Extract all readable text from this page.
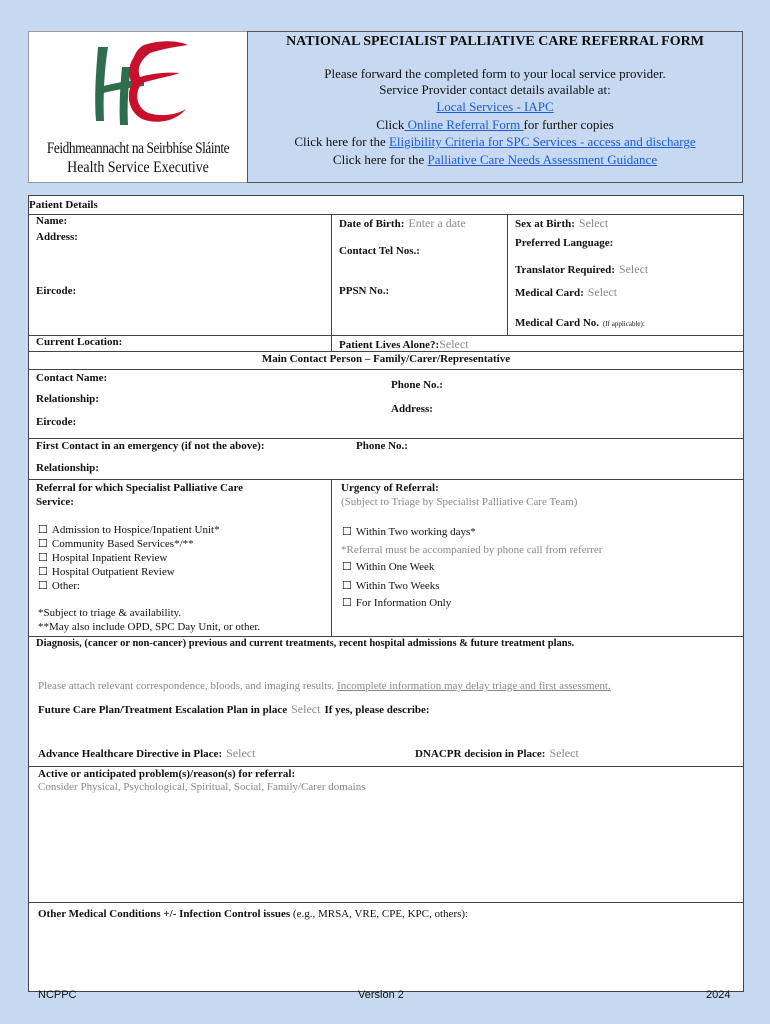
Feidhmeannacht na Seirbhíse Sláinte
Health Service Executive
NATIONAL SPECIALIST PALLIATIVE CARE REFERRAL FORM
Please forward the completed form to your local service provider.
Service Provider contact details available at:
Local Services - IAPC
Click Online Referral Form for further copies
Click here for the Eligibility Criteria for SPC Services - access and discharge
Click here for the Palliative Care Needs Assessment Guidance
Patient Details
Name:
Address:
Eircode:
Date of Birth: Enter a date
Contact Tel Nos.:
PPSN No.:
Sex at Birth: Select
Preferred Language:
Translator Required: Select
Medical Card: Select
Medical Card No. (If applicable):
Current Location:	Patient Lives Alone?:Select
Main Contact Person – Family/Carer/Representative
Contact Name:
Relationship:
Eircode:
Phone No.:
Address:
First Contact in an emergency (if not the above):	Phone No.:
Relationship:
Referral for which Specialist Palliative Care
Service:
☐ Admission to Hospice/Inpatient Unit*
☐ Community Based Services*/**
☐ Hospital Inpatient Review
☐ Hospital Outpatient Review
☐ Other:
*Subject to triage & availability.
**May also include OPD, SPC Day Unit, or other.
Urgency of Referral:
(Subject to Triage by Specialist Palliative Care Team)
☐ Within Two working days*
*Referral must be accompanied by phone call from referrer
☐ Within One Week
☐ Within Two Weeks
☐ For Information Only
Diagnosis, (cancer or non-cancer) previous and current treatments, recent hospital admissions & future treatment plans.
Please attach relevant correspondence, bloods, and imaging results. Incomplete information may delay triage and first assessment.
Future Care Plan/Treatment Escalation Plan in place Select If yes, please describe:
Advance Healthcare Directive in Place: Select	DNACPR decision in Place: Select
Active or anticipated problem(s)/reason(s) for referral:
Consider Physical, Psychological, Spiritual, Social, Family/Carer domains
Other Medical Conditions +/- Infection Control issues (e.g., MRSA, VRE, CPE, KPC, others):
NCPPC	Version 2	2024
